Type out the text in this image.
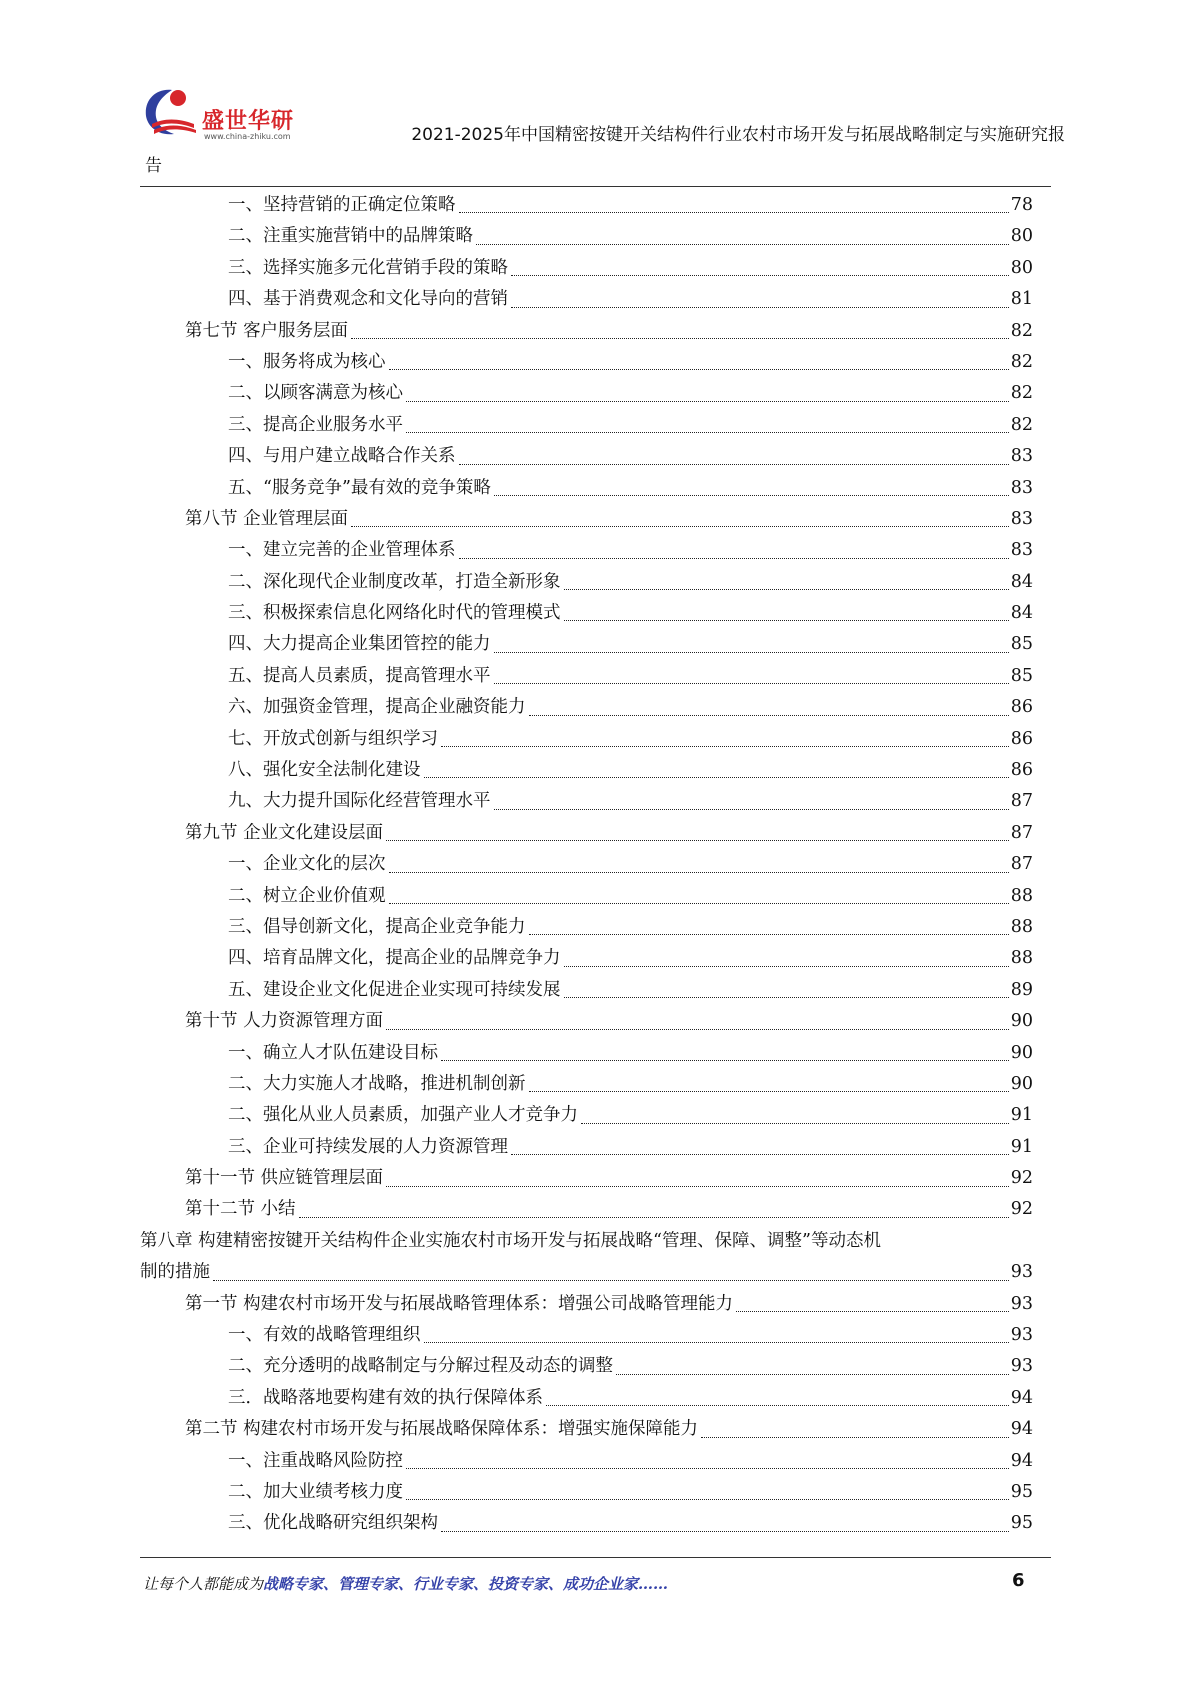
盛世华研
www.china-zhiku.com	2021-2025年中国精密按键开关结构件行业农村市场开发与拓展战略制定与实施研究报
告
一、坚持营销的正确定位策略	78
二、注重实施营销中的品牌策略	80
三、选择实施多元化营销手段的策略	80
四、基于消费观念和文化导向的营销	81
第七节 客户服务层面	82
一、服务将成为核心	82
二、以顾客满意为核心	82
三、提高企业服务水平	82
四、与用户建立战略合作关系	83
五、“服务竞争”最有效的竞争策略	83
第八节 企业管理层面	83
一、建立完善的企业管理体系	83
二、深化现代企业制度改革，打造全新形象	84
三、积极探索信息化网络化时代的管理模式	84
四、大力提高企业集团管控的能力	85
五、提高人员素质，提高管理水平	85
六、加强资金管理，提高企业融资能力	86
七、开放式创新与组织学习	86
八、强化安全法制化建设	86
九、大力提升国际化经营管理水平	87
第九节 企业文化建设层面	87
一、企业文化的层次	87
二、树立企业价值观	88
三、倡导创新文化，提高企业竞争能力	88
四、培育品牌文化，提高企业的品牌竞争力	88
五、建设企业文化促进企业实现可持续发展	89
第十节 人力资源管理方面	90
一、确立人才队伍建设目标	90
二、大力实施人才战略，推进机制创新	90
二、强化从业人员素质，加强产业人才竞争力	91
三、企业可持续发展的人力资源管理	91
第十一节 供应链管理层面	92
第十二节 小结	92
第八章 构建精密按键开关结构件企业实施农村市场开发与拓展战略“管理、保障、调整”等动态机
制的措施	93
第一节 构建农村市场开发与拓展战略管理体系：增强公司战略管理能力	93
一、有效的战略管理组织	93
二、充分透明的战略制定与分解过程及动态的调整	93
三．战略落地要构建有效的执行保障体系	94
第二节 构建农村市场开发与拓展战略保障体系：增强实施保障能力	94
一、注重战略风险防控	94
二、加大业绩考核力度	95
三、优化战略研究组织架构	95
让每个人都能成为战略专家、管理专家、行业专家、投资专家、成功企业家……	6
